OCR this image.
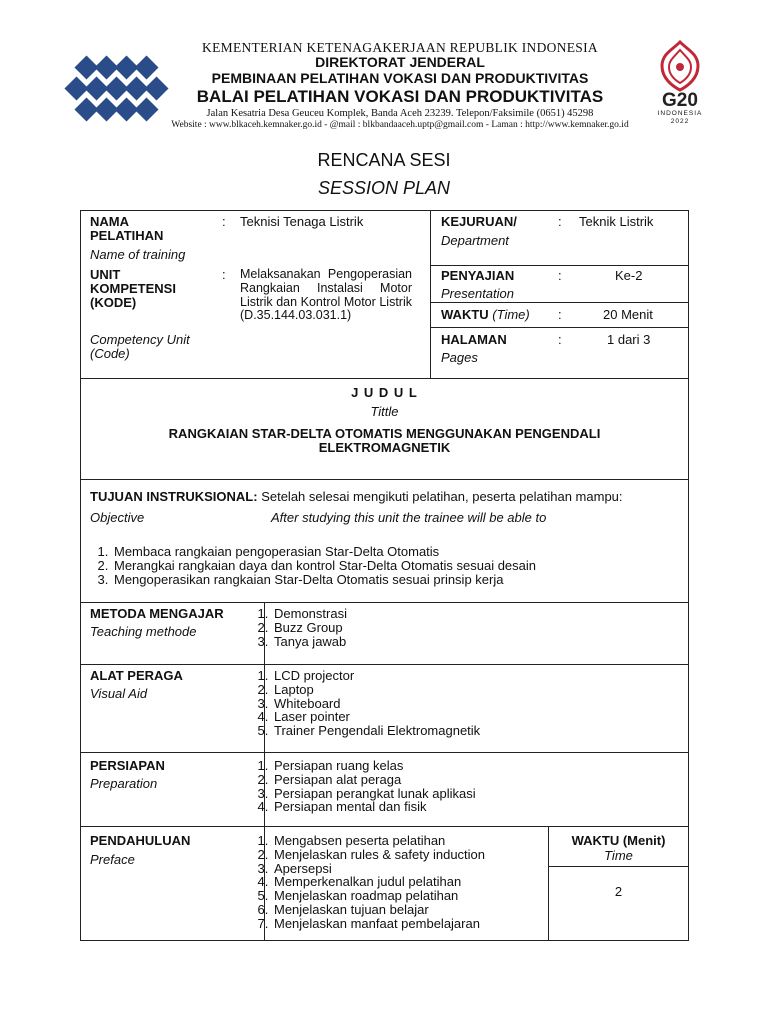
KEMENTERIAN KETENAGAKERJAAN REPUBLIK INDONESIA
DIREKTORAT JENDERAL
PEMBINAAN PELATIHAN VOKASI DAN PRODUKTIVITAS
BALAI PELATIHAN VOKASI DAN PRODUKTIVITAS
Jalan Kesatria Desa Geuceu Komplek, Banda Aceh 23239. Telepon/Faksimile (0651) 45298
Website : www.blkaceh.kemnaker.go.id - @mail : blkbandaaceh.uptp@gmail.com - Laman : http://www.kemnaker.go.id
G20
INDONESIA
2022
RENCANA SESI
SESSION PLAN
NAMA PELATIHAN
Name of training
: Teknisi Tenaga Listrik
UNIT KOMPETENSI (KODE)
Competency Unit (Code)
: Melaksanakan Pengoperasian Rangkaian Instalasi Motor Listrik dan Kontrol Motor Listrik (D.35.144.03.031.1)
KEJURUAN/
Department
: Teknik Listrik
PENYAJIAN
Presentation
:	Ke-2
WAKTU (Time) :	20 Menit
HALAMAN
Pages
:	1 dari 3
J U D U L
Tittle
RANGKAIAN STAR-DELTA OTOMATIS MENGGUNAKAN PENGENDALI
ELEKTROMAGNETIK
TUJUAN INSTRUKSIONAL: Setelah selesai mengikuti pelatihan, peserta pelatihan mampu:
Objective	After studying this unit the trainee will be able to
1. Membaca rangkaian pengoperasian Star-Delta Otomatis
2. Merangkai rangkaian daya dan kontrol Star-Delta Otomatis sesuai desain
3. Mengoperasikan rangkaian Star-Delta Otomatis sesuai prinsip kerja
METODA MENGAJAR
Teaching methode
1. Demonstrasi
2. Buzz Group
3. Tanya jawab
ALAT PERAGA
Visual Aid
1. LCD projector
2. Laptop
3. Whiteboard
4. Laser pointer
5. Trainer Pengendali Elektromagnetik
PERSIAPAN
Preparation
1. Persiapan ruang kelas
2. Persiapan alat peraga
3. Persiapan perangkat lunak aplikasi
4. Persiapan mental dan fisik
PENDAHULUAN
Preface
1. Mengabsen peserta pelatihan
2. Menjelaskan rules & safety induction
3. Apersepsi
4. Memperkenalkan judul pelatihan
5. Menjelaskan roadmap pelatihan
6. Menjelaskan tujuan belajar
7. Menjelaskan manfaat pembelajaran
WAKTU (Menit)
Time
2
